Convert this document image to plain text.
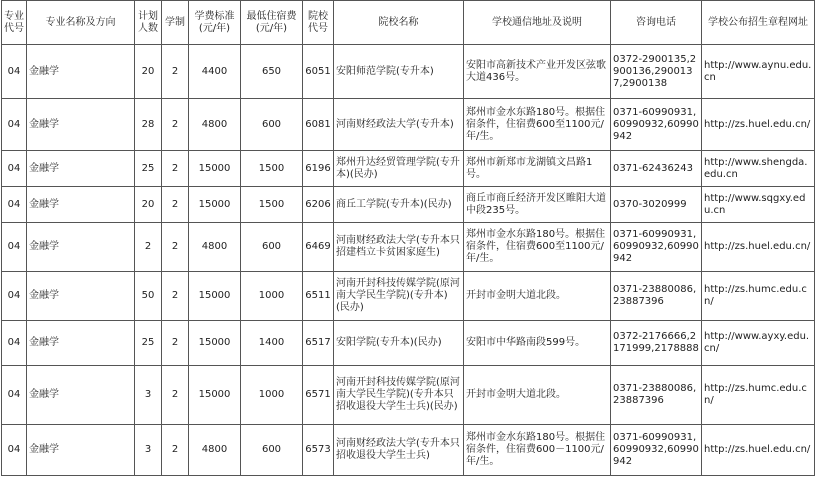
专业代号	专业名称及方向	计划人数	学制	学费标准(元/年)	最低住宿费(元/年)	院校代号	院校名称	学校通信地址及说明	咨询电话	学校公布招生章程网址
04	金融学	20	2	4400	650	6051	安阳师范学院(专升本)	安阳市高新技术产业开发区弦歌大道436号。	0372-2900135,2900136,2900137,2900138	http://www.aynu.edu.cn
04	金融学	28	2	4800	600	6081	河南财经政法大学(专升本)	郑州市金水东路180号。根据住宿条件，住宿费600至1100元/年/生。	0371-60990931,60990932,60990942	http://zs.huel.edu.cn/
04	金融学	25	2	15000	1500	6196	郑州升达经贸管理学院(专升本)(民办)	郑州市新郑市龙湖镇文昌路1号。	0371-62436243	http://www.shengda.edu.cn
04	金融学	20	2	15000	1500	6206	商丘工学院(专升本)(民办)	商丘市商丘经济开发区睢阳大道中段235号。	0370-3020999	http://www.sqgxy.edu.cn
04	金融学	2	2	4800	600	6469	河南财经政法大学(专升本只招建档立卡贫困家庭生)	郑州市金水东路180号。根据住宿条件，住宿费600至1100元/年/生。	0371-60990931,60990932,60990942	http://zs.huel.edu.cn/
04	金融学	50	2	15000	1000	6511	河南开封科技传媒学院(原河南大学民生学院)(专升本)(民办)	开封市金明大道北段。	0371-23880086,23887396	http://zs.humc.edu.cn/
04	金融学	25	2	15000	1400	6517	安阳学院(专升本)(民办)	安阳市中华路南段599号。	0372-2176666,2171999,2178888	http://www.ayxy.edu.cn/
04	金融学	3	2	15000	1000	6571	河南开封科技传媒学院(原河南大学民生学院)(专升本只招收退役大学生士兵)(民办)	开封市金明大道北段。	0371-23880086,23887396	http://zs.humc.edu.cn/
04	金融学	3	2	4800	600	6573	河南财经政法大学(专升本只招收退役大学生士兵)	郑州市金水东路180号。根据住宿条件，住宿费600－1100元/年/生。	0371-60990931,60990932,60990942	http://zs.huel.edu.cn/
